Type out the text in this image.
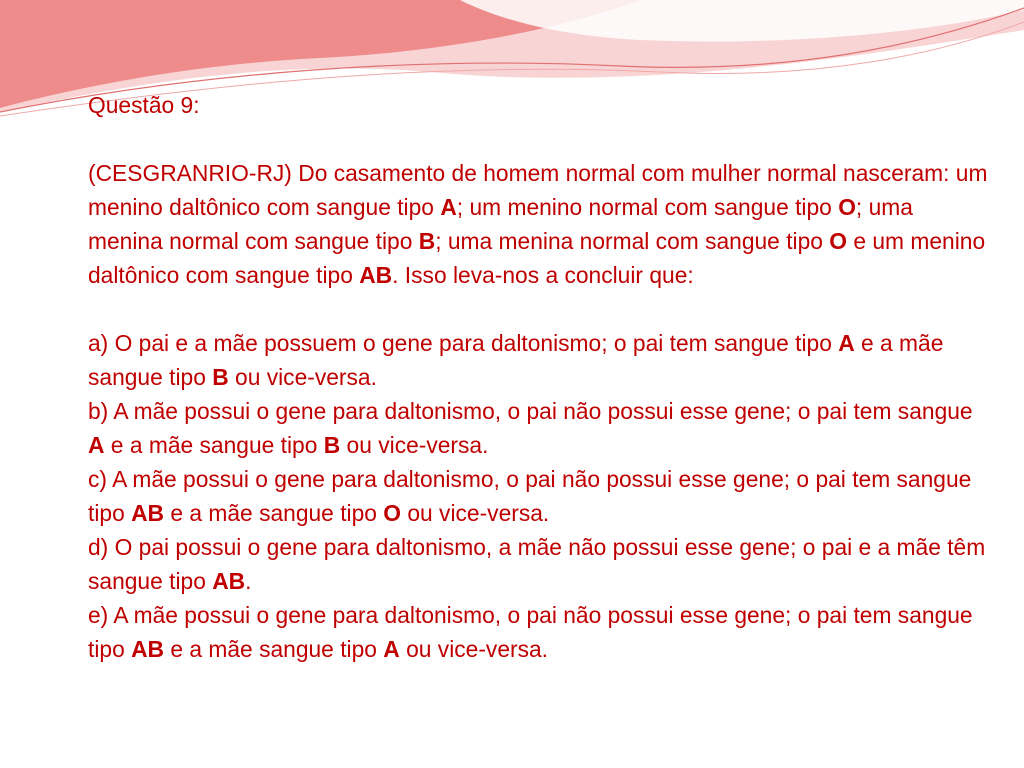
Questão 9:

(CESGRANRIO-RJ) Do casamento de homem normal com mulher normal nasceram: um menino daltônico com sangue tipo A; um menino normal com sangue tipo O; uma menina normal com sangue tipo B; uma menina normal com sangue tipo O e um menino daltônico com sangue tipo AB. Isso leva-nos a concluir que:

a) O pai e a mãe possuem o gene para daltonismo; o pai tem sangue tipo A e a mãe sangue tipo B ou vice-versa.

b) A mãe possui o gene para daltonismo, o pai não possui esse gene; o pai tem sangue A e a mãe sangue tipo B ou vice-versa.

c) A mãe possui o gene para daltonismo, o pai não possui esse gene; o pai tem sangue tipo AB e a mãe sangue tipo O ou vice-versa.

d) O pai possui o gene para daltonismo, a mãe não possui esse gene; o pai e a mãe têm sangue tipo AB.

e) A mãe possui o gene para daltonismo, o pai não possui esse gene; o pai tem sangue tipo AB e a mãe sangue tipo A ou vice-versa.
